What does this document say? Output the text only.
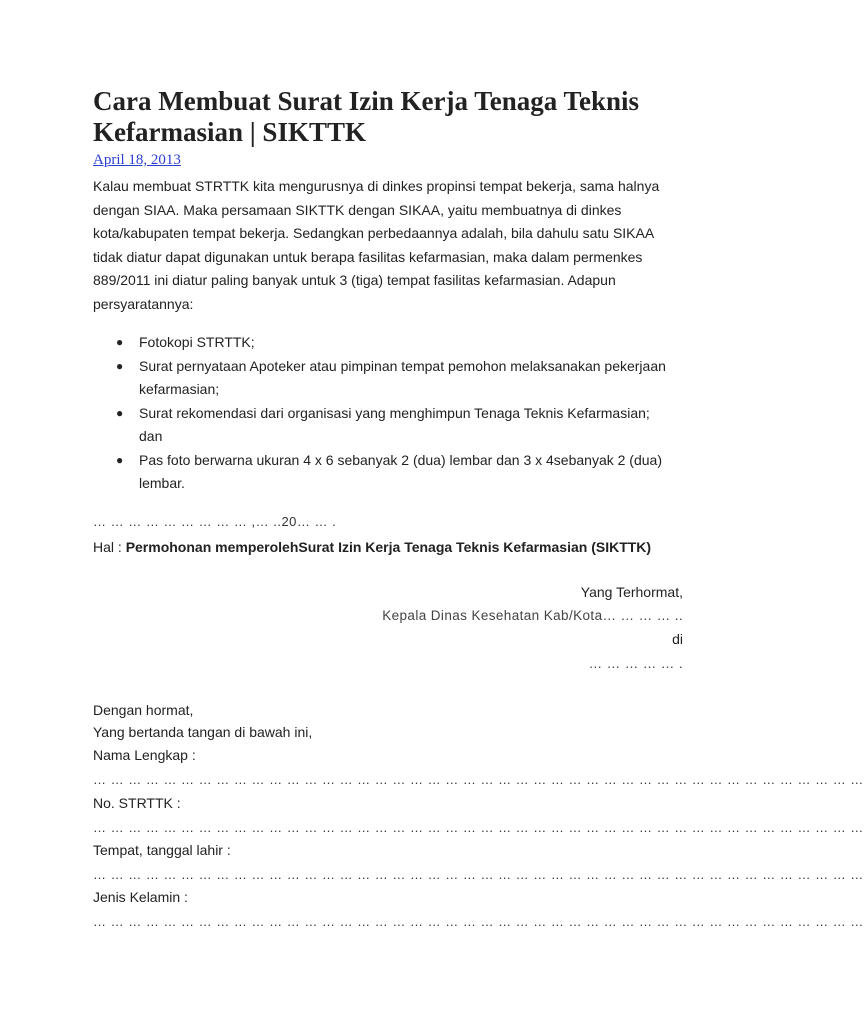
Cara Membuat Surat Izin Kerja Tenaga Teknis Kefarmasian | SIKTTK
April 18, 2013

Kalau membuat STRTTK kita mengurusnya di dinkes propinsi tempat bekerja, sama halnya dengan SIAA. Maka persamaan SIKTTK dengan SIKAA, yaitu membuatnya di dinkes kota/kabupaten tempat bekerja. Sedangkan perbedaannya adalah, bila dahulu satu SIKAA tidak diatur dapat digunakan untuk berapa fasilitas kefarmasian, maka dalam permenkes 889/2011 ini diatur paling banyak untuk 3 (tiga) tempat fasilitas kefarmasian. Adapun persyaratannya:

● Fotokopi STRTTK;
● Surat pernyataan Apoteker atau pimpinan tempat pemohon melaksanakan pekerjaan kefarmasian;
● Surat rekomendasi dari organisasi yang menghimpun Tenaga Teknis Kefarmasian; dan
● Pas foto berwarna ukuran 4 x 6 sebanyak 2 (dua) lembar dan 3 x 4sebanyak 2 (dua) lembar.
… … … … … … … … … ,… ..20… … .
Hal : Permohonan memperolehSurat Izin Kerja Tenaga Teknis Kefarmasian (SIKTTK)
Yang Terhormat,
Kepala Dinas Kesehatan Kab/Kota… … … … ..
di
… … … … … .
Dengan hormat,
Yang bertanda tangan di bawah ini,
Nama Lengkap :
… … … … … … … … … … … … … … … … … … … … … … … … … … … … … … … … … … … … … … … … … … … …
No. STRTTK :
… … … … … … … … … … … … … … … … … … … … … … … … … … … … … … … … … … … … … … … … … … … …
Tempat, tanggal lahir :
… … … … … … … … … … … … … … … … … … … … … … … … … … … … … … … … … … … … … … … … … … … …
Jenis Kelamin :
… … … … … … … … … … … … … … … … … … … … … … … … … … … … … … … … … … … … … … … … … … … …
